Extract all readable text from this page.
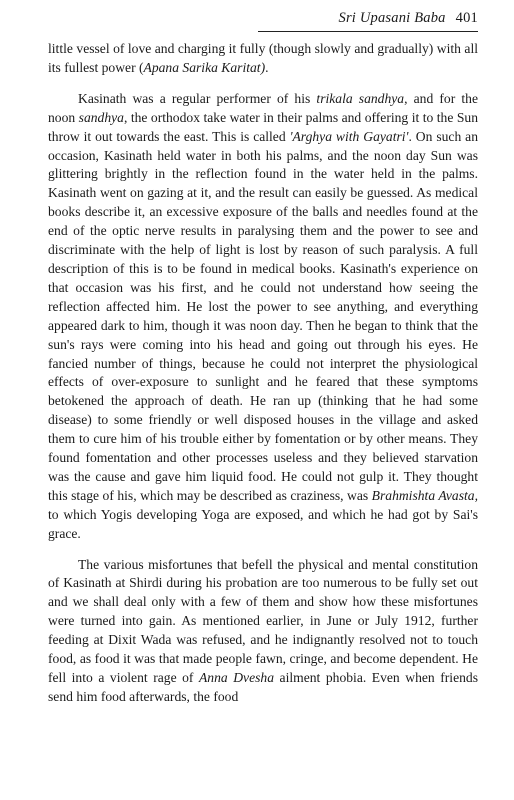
Sri Upasani Baba 401

little vessel of love and charging it fully (though slowly and gradually) with all its fullest power (Apana Sarika Karitat).

Kasinath was a regular performer of his trikala sandhya, and for the noon sandhya, the orthodox take water in their palms and offering it to the Sun throw it out towards the east. This is called 'Arghya with Gayatri'. On such an occasion, Kasinath held water in both his palms, and the noon day Sun was glittering brightly in the reflection found in the water held in the palms. Kasinath went on gazing at it, and the result can easily be guessed. As medical books describe it, an excessive exposure of the balls and needles found at the end of the optic nerve results in paralysing them and the power to see and discriminate with the help of light is lost by reason of such paralysis. A full description of this is to be found in medical books. Kasinath's experience on that occasion was his first, and he could not understand how seeing the reflection affected him. He lost the power to see anything, and everything appeared dark to him, though it was noon day. Then he began to think that the sun's rays were coming into his head and going out through his eyes. He fancied number of things, because he could not interpret the physiological effects of over-exposure to sunlight and he feared that these symptoms betokened the approach of death. He ran up (thinking that he had some disease) to some friendly or well disposed houses in the village and asked them to cure him of his trouble either by fomentation or by other means. They found fomentation and other processes useless and they believed starvation was the cause and gave him liquid food. He could not gulp it. They thought this stage of his, which may be described as craziness, was Brahmishta Avasta, to which Yogis developing Yoga are exposed, and which he had got by Sai's grace.

The various misfortunes that befell the physical and mental constitution of Kasinath at Shirdi during his probation are too numerous to be fully set out and we shall deal only with a few of them and show how these misfortunes were turned into gain. As mentioned earlier, in June or July 1912, further feeding at Dixit Wada was refused, and he indignantly resolved not to touch food, as food it was that made people fawn, cringe, and become dependent. He fell into a violent rage of Anna Dvesha ailment phobia. Even when friends send him food afterwards, the food
